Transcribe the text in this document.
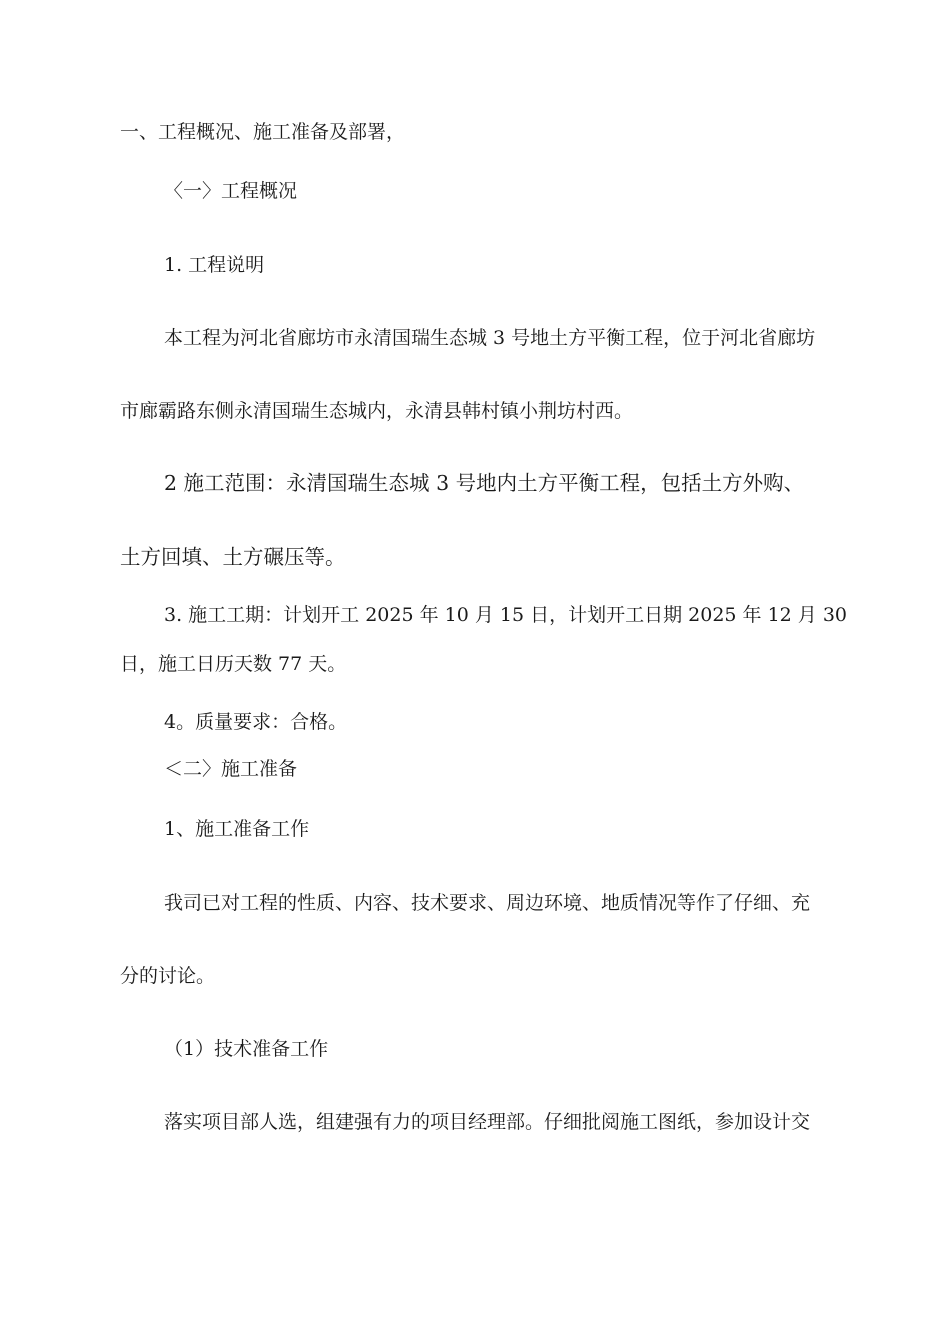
一、工程概况、施工准备及部署，

〈一〉工程概况

1. 工程说明

本工程为河北省廊坊市永清国瑞生态城 3 号地土方平衡工程，位于河北省廊坊

市廊霸路东侧永清国瑞生态城内，永清县韩村镇小荆坊村西。

2 施工范围：永清国瑞生态城 3 号地内土方平衡工程，包括土方外购、

土方回填、土方碾压等。

3. 施工工期：计划开工 2025 年 10 月 15 日，计划开工日期 2025 年 12 月 30

日，施工日历天数 77 天。

4。质量要求：合格。

＜二〉施工准备

1、施工准备工作

我司已对工程的性质、内容、技术要求、周边环境、地质情况等作了仔细、充

分的讨论。

（1）技术准备工作

落实项目部人选，组建强有力的项目经理部。仔细批阅施工图纸，参加设计交
